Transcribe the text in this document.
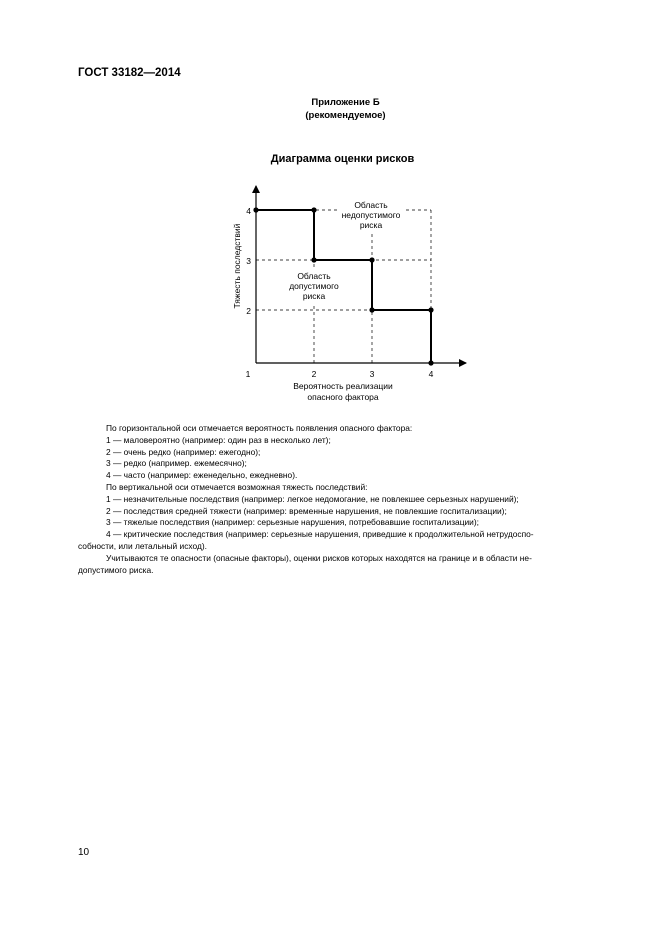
ГОСТ 33182—2014
Приложение Б
(рекомендуемое)
Диаграмма оценки рисков
1	2	3	4
2
3
4
Тяжесть последствий
Вероятность реализации
опасного фактора
Область
недопустимого
риска
Область
допустимого
риска

По горизонтальной оси отмечается вероятность появления опасного фактора:

1 — маловероятно (например: один раз в несколько лет);

2 — очень редко (например: ежегодно);

3 — редко (например. ежемесячно);

4 — часто (например: еженедельно, ежедневно).

По вертикальной оси отмечается возможная тяжесть последствий:

1 — незначительные последствия (например: легкое недомогание, не повлекшее серьезных нарушений);

2 — последствия средней тяжести (например: временные нарушения, не повлекшие госпитализации);

3 — тяжелые последствия (например: серьезные нарушения, потребовавшие госпитализации);

4 — критические последствия (например: серьезные нарушения, приведшие к продолжительной нетрудоспо-

собности, или летальный исход).

Учитываются те опасности (опасные факторы), оценки рисков которых находятся на границе и в области не-

допустимого риска.

10
